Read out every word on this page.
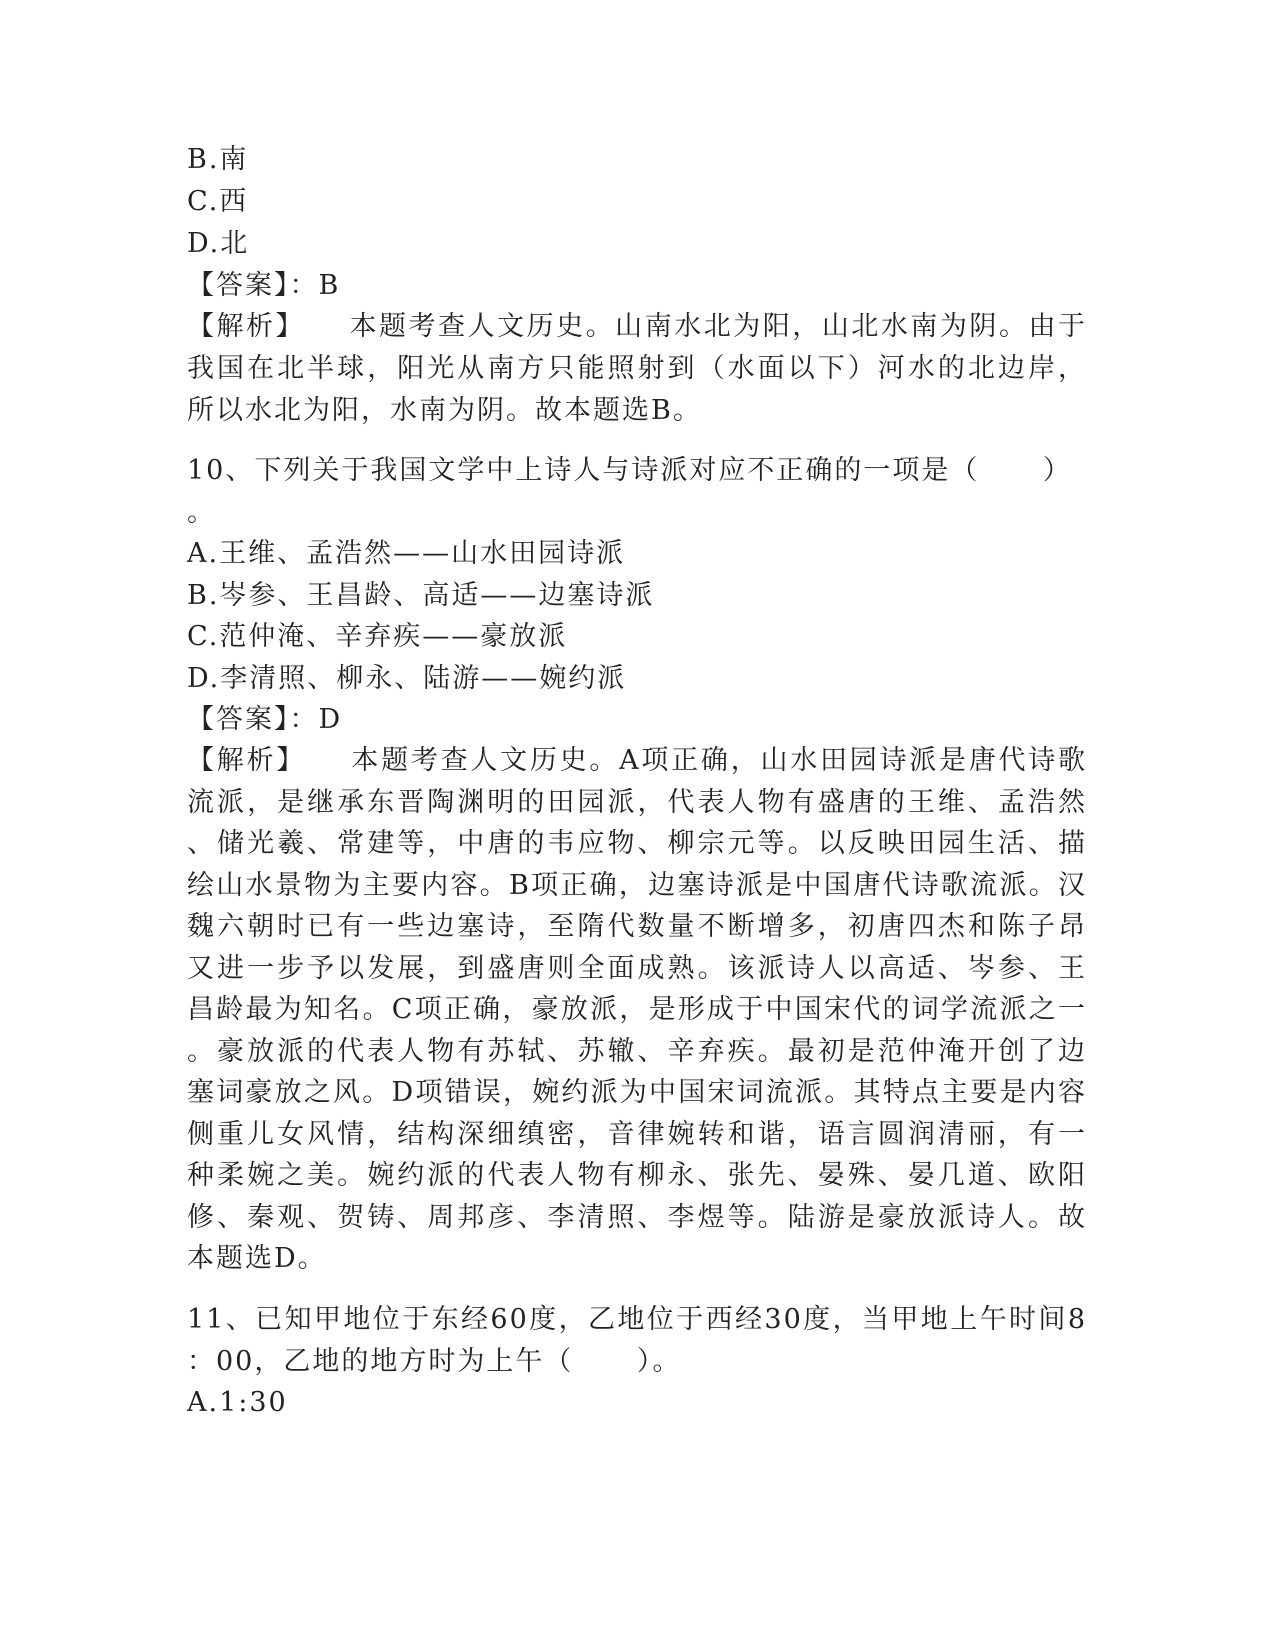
B.南
C.西
D.北
【答案】：B
【解析】    本题考查人文历史。山南水北为阳，山北水南为阴。由于
我国在北半球，阳光从南方只能照射到（水面以下）河水的北边岸，
所以水北为阳，水南为阴。故本题选B。
10、下列关于我国文学中上诗人与诗派对应不正确的一项是（      ）
。
A.王维、孟浩然——山水田园诗派
B.岑参、王昌龄、高适——边塞诗派
C.范仲淹、辛弃疾——豪放派
D.李清照、柳永、陆游——婉约派
【答案】：D
【解析】    本题考查人文历史。A项正确，山水田园诗派是唐代诗歌
流派，是继承东晋陶渊明的田园派，代表人物有盛唐的王维、孟浩然
、储光羲、常建等，中唐的韦应物、柳宗元等。以反映田园生活、描
绘山水景物为主要内容。B项正确，边塞诗派是中国唐代诗歌流派。汉
魏六朝时已有一些边塞诗，至隋代数量不断增多，初唐四杰和陈子昂
又进一步予以发展，到盛唐则全面成熟。该派诗人以高适、岑参、王
昌龄最为知名。C项正确，豪放派，是形成于中国宋代的词学流派之一
。豪放派的代表人物有苏轼、苏辙、辛弃疾。最初是范仲淹开创了边
塞词豪放之风。D项错误，婉约派为中国宋词流派。其特点主要是内容
侧重儿女风情，结构深细缜密，音律婉转和谐，语言圆润清丽，有一
种柔婉之美。婉约派的代表人物有柳永、张先、晏殊、晏几道、欧阳
修、秦观、贺铸、周邦彦、李清照、李煜等。陆游是豪放派诗人。故
本题选D。
11、已知甲地位于东经60度，乙地位于西经30度，当甲地上午时间8
：00，乙地的地方时为上午（      ）。
A.1:30
